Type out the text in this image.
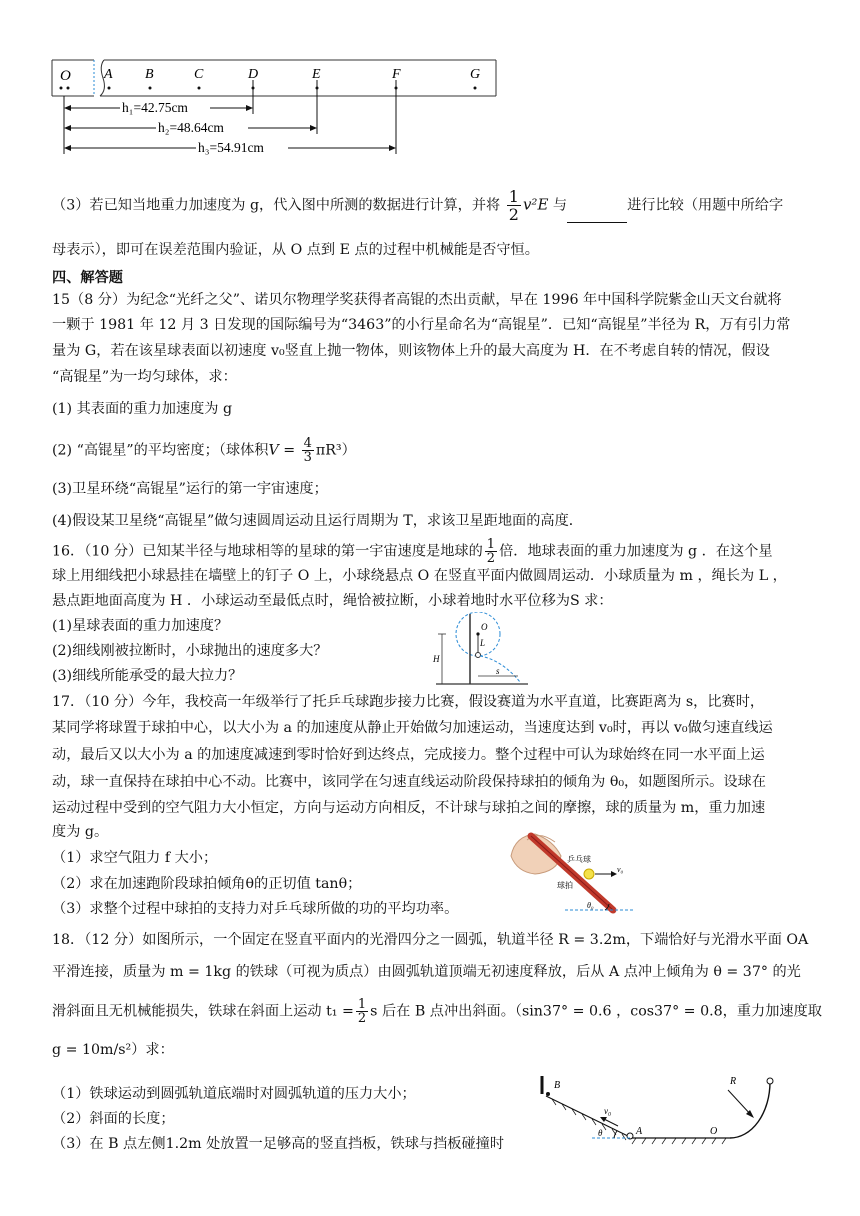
O A B	C	D	E	F	G
h₁=42.75cm
h₂=48.64cm
h₃=54.91cm
（3）若已知当地重力加速度为 g，代入图中所测的数据进行计算，并将 $\frac{1}{2} v^2E$ 与	进行比较（用题中所给字
母表示），即可在误差范围内验证，从 O 点到 E 点的过程中机械能是否守恒。
四、解答题
15（8 分）为纪念“光纤之父”、诺贝尔物理学奖获得者高锟的杰出贡献，早在 1996 年中国科学院紫金山天文台就将
一颗于 1981 年 12 月 3 日发现的国际编号为“3463”的小行星命名为“高锟星”．已知“高锟星”半径为 R，万有引力常
量为 G，若在该星球表面以初速度 v₀竖直上抛一物体，则该物体上升的最大高度为 H．在不考虑自转的情况，假设
“高锟星”为一均匀球体，求：
(1) 其表面的重力加速度为 g
(2) “高锟星”的平均密度；（球体积$V = \frac{4}{3} \pi R^3$）
(3)卫星环绕“高锟星”运行的第一宇宙速度；
(4)假设某卫星绕“高锟星”做匀速圆周运动且运行周期为 T，求该卫星距地面的高度．
16．（10 分）已知某半径与地球相等的星球的第一宇宙速度是地球的 $\frac{1}{2}$ 倍．地球表面的重力加速度为 g ．在这个星
球上用细线把小球悬挂在墙壁上的钉子 O 上，小球绕悬点 O 在竖直平面内做圆周运动．小球质量为 m ，绳长为 L ，
悬点距地面高度为 H ．小球运动至最低点时，绳恰被拉断，小球着地时水平位移为S 求：
(1)星球表面的重力加速度？
(2)细线刚被拉断时，小球抛出的速度多大？
(3)细线所能承受的最大拉力？
O
L
H
s
17．（10 分）今年，我校高一年级举行了托乒乓球跑步接力比赛，假设赛道为水平直道，比赛距离为 s，比赛时，
某同学将球置于球拍中心，以大小为 a 的加速度从静止开始做匀加速运动，当速度达到 v₀时，再以 v₀做匀速直线运
动，最后又以大小为 a 的加速度减速到零时恰好到达终点，完成接力。整个过程中可认为球始终在同一水平面上运
动，球一直保持在球拍中心不动。比赛中，该同学在匀速直线运动阶段保持球拍的倾角为 θ₀，如题图所示。设球在
运动过程中受到的空气阻力大小恒定，方向与运动方向相反，不计球与球拍之间的摩擦，球的质量为 m，重力加速
度为 g。
（1）求空气阻力 f 大小；
（2）求在加速跑阶段球拍倾角θ的正切值 tanθ；
（3）求整个过程中球拍的支持力对乒乓球所做的功的平均功率。
乒乓球
球拍
v₀
θ₀
18．（12 分）如图所示，一个固定在竖直平面内的光滑四分之一圆弧，轨道半径 R = 3.2m，下端恰好与光滑水平面 OA
平滑连接，质量为 m = 1kg 的铁球（可视为质点）由圆弧轨道顶端无初速度释放，后从 A 点冲上倾角为 θ = 37° 的光
滑斜面且无机械能损失，铁球在斜面上运动 $t_1 = \frac{1}{2}$ s 后在 B 点冲出斜面。（sin37° = 0.6 ，cos37° = 0.8，重力加速度取
g = 10m/s²）求：
（1）铁球运动到圆弧轨道底端时对圆弧轨道的压力大小；
（2）斜面的长度；
（3）在 B 点左侧1.2m 处放置一足够高的竖直挡板，铁球与挡板碰撞时
B
v₀
θ	A	O
R
